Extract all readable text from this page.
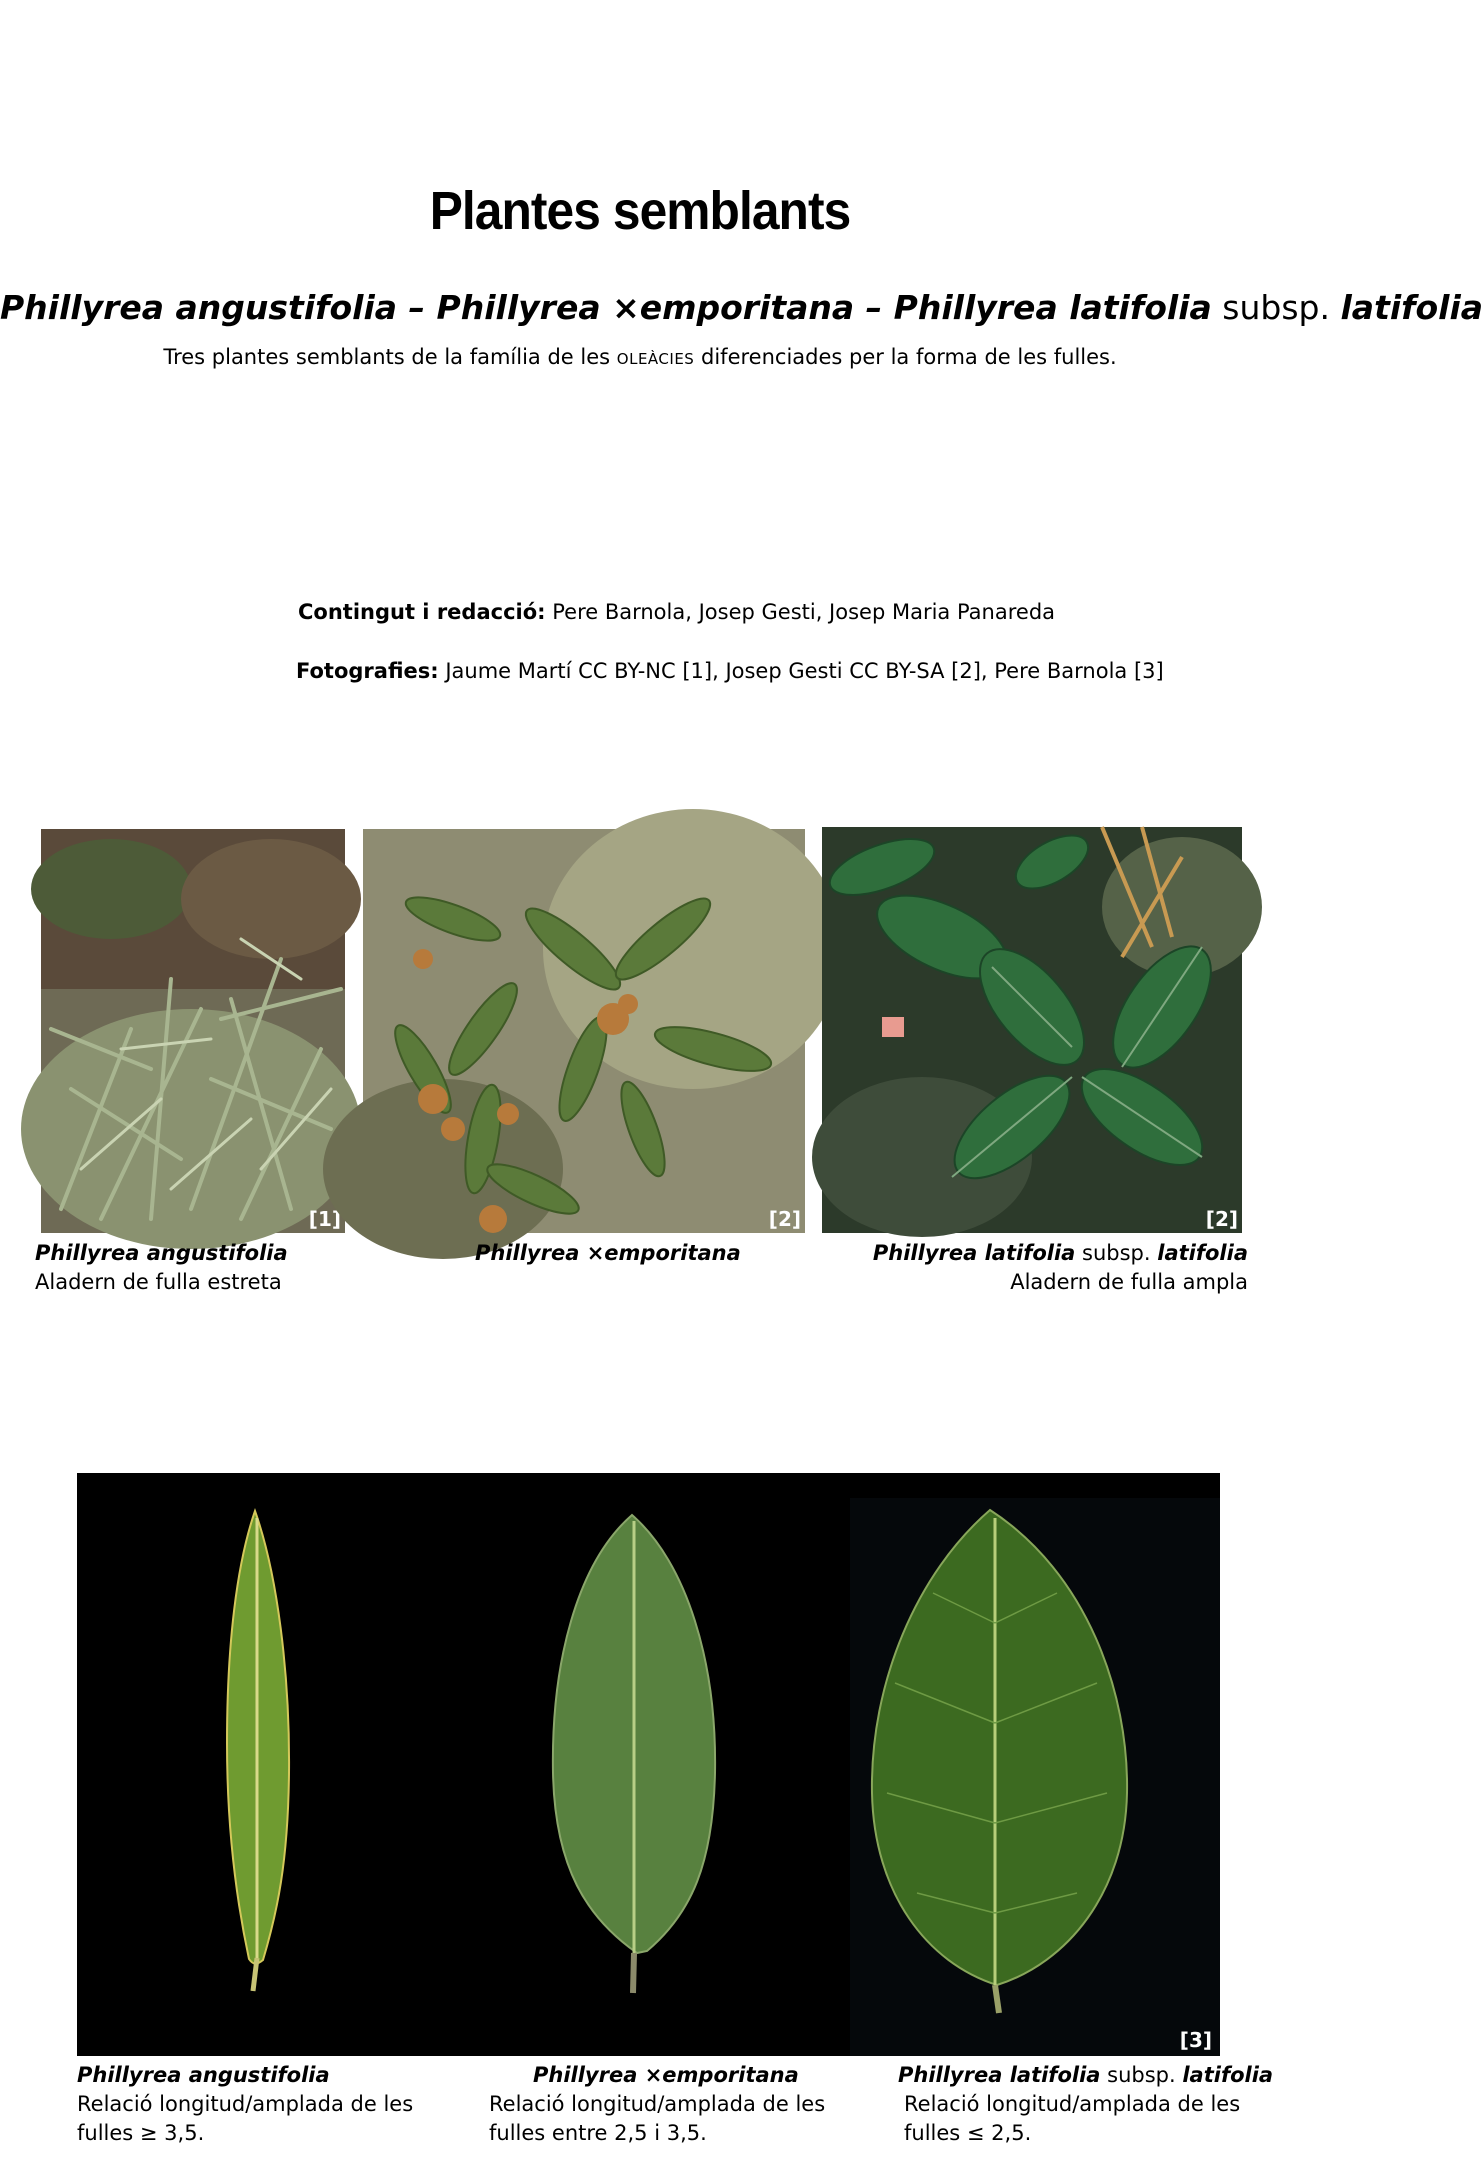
Plantes semblants
Phillyrea angustifolia – Phillyrea ×emporitana – Phillyrea latifolia subsp. latifolia
Tres plantes semblants de la família de les OLEÀCIES diferenciades per la forma de les fulles.
Contingut i redacció: Pere Barnola, Josep Gesti, Josep Maria Panareda
Fotografies: Jaume Martí CC BY-NC [1], Josep Gesti CC BY-SA [2], Pere Barnola [3]
[1]	[2]	[2]
Phillyrea angustifolia
Aladern de fulla estreta
Phillyrea ×emporitana	Phillyrea latifolia subsp. latifolia
Aladern de fulla ampla
[3]
Phillyrea angustifolia
Relació longitud/amplada de les
fulles ≥ 3,5.
Phillyrea ×emporitana
Relació longitud/amplada de les
fulles entre 2,5 i 3,5.
Phillyrea latifolia subsp. latifolia
Relació longitud/amplada de les
fulles ≤ 2,5.
